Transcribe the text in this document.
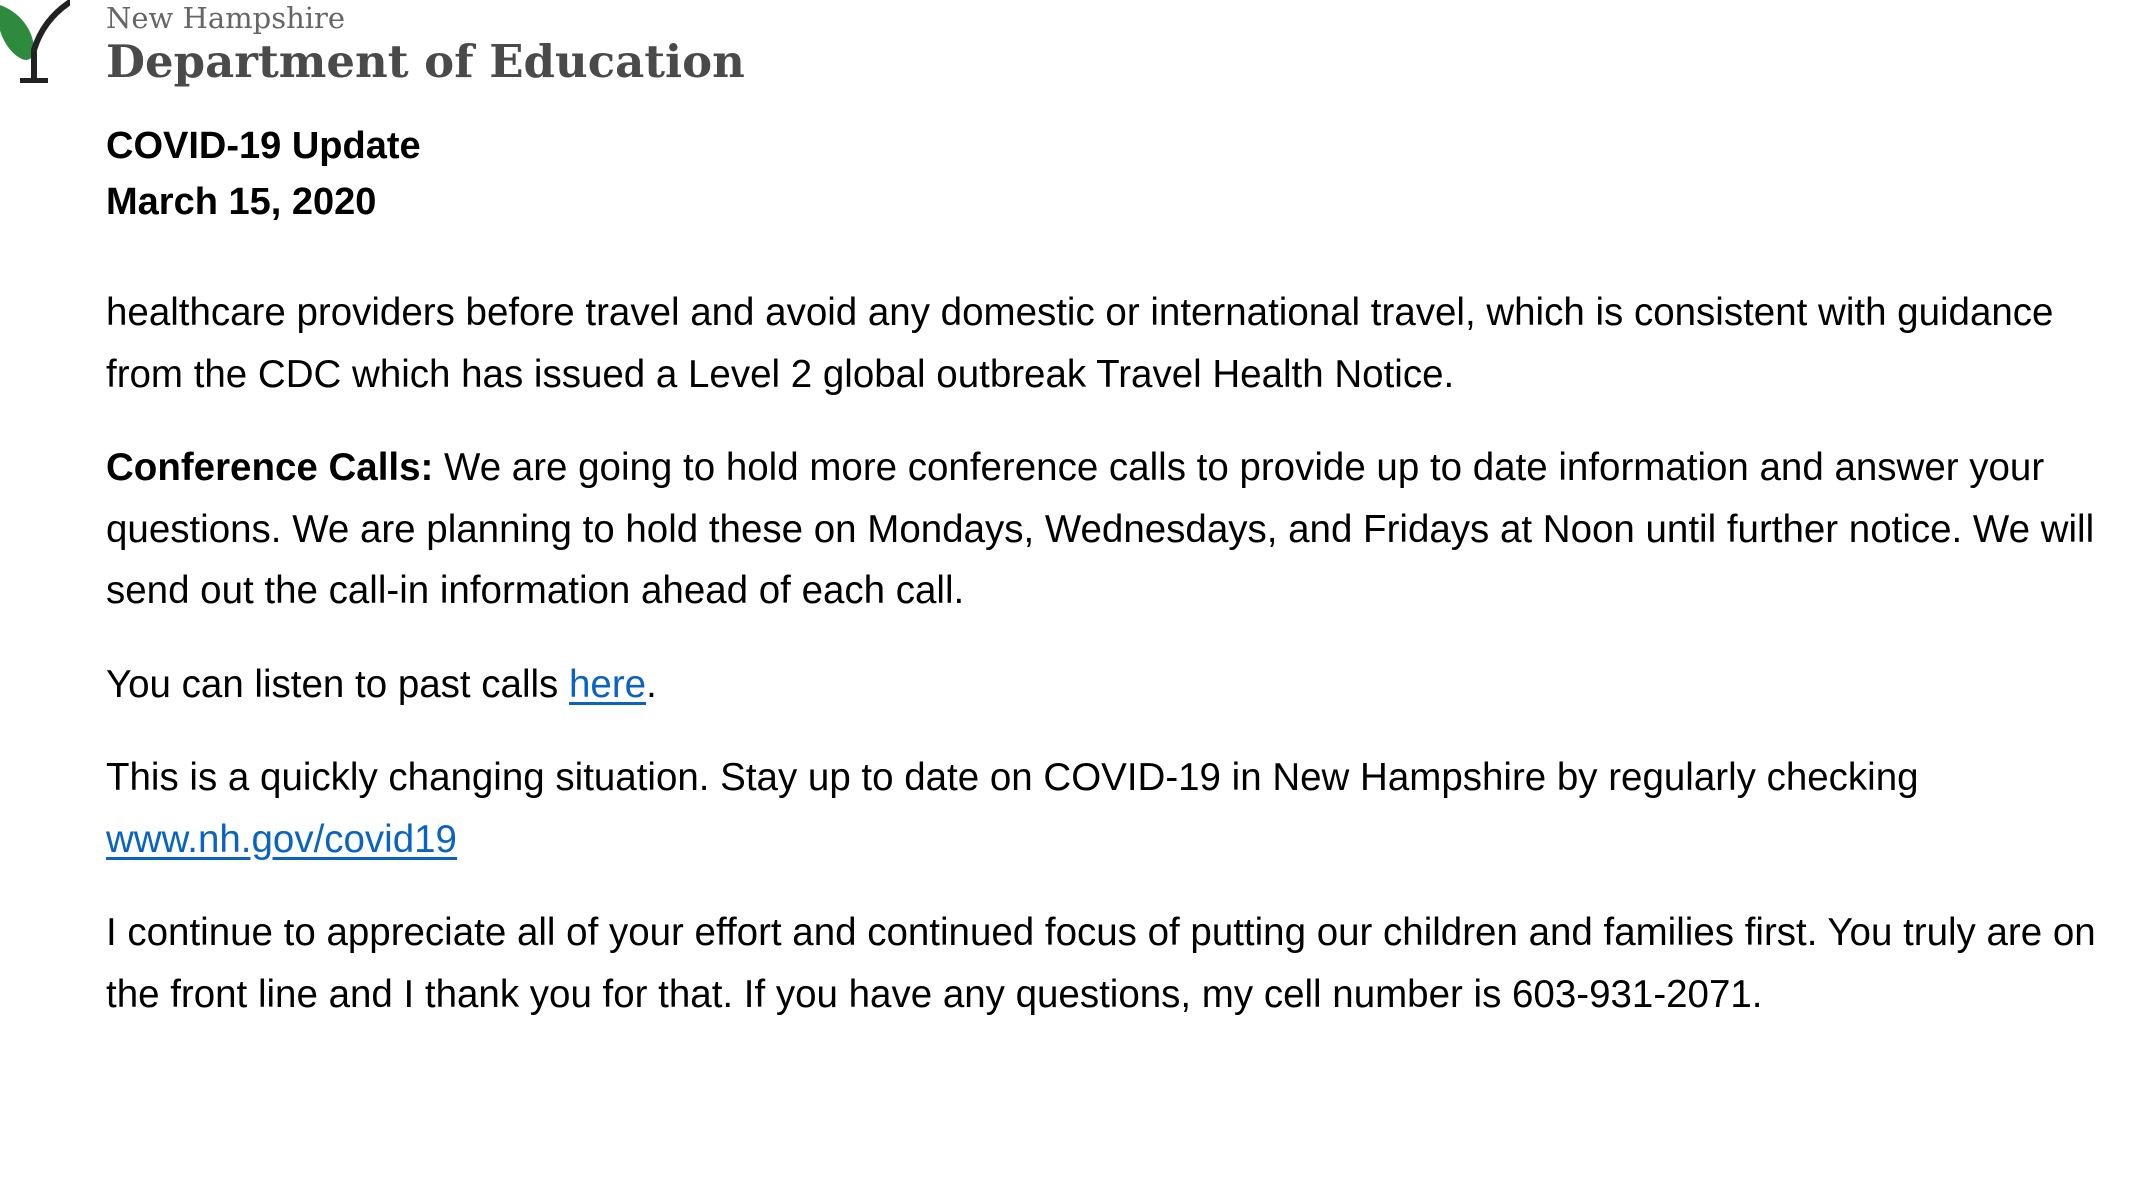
New Hampshire
Department of Education
COVID-19 Update
March 15, 2020

healthcare providers before travel and avoid any domestic or international travel, which is consistent with guidance from the CDC which has issued a Level 2 global outbreak Travel Health Notice.

Conference Calls: We are going to hold more conference calls to provide up to date information and answer your questions. We are planning to hold these on Mondays, Wednesdays, and Fridays at Noon until further notice. We will send out the call-in information ahead of each call.

You can listen to past calls here.

This is a quickly changing situation. Stay up to date on COVID-19 in New Hampshire by regularly checking www.nh.gov/covid19

I continue to appreciate all of your effort and continued focus of putting our children and families first. You truly are on the front line and I thank you for that. If you have any questions, my cell number is 603-931-2071.
